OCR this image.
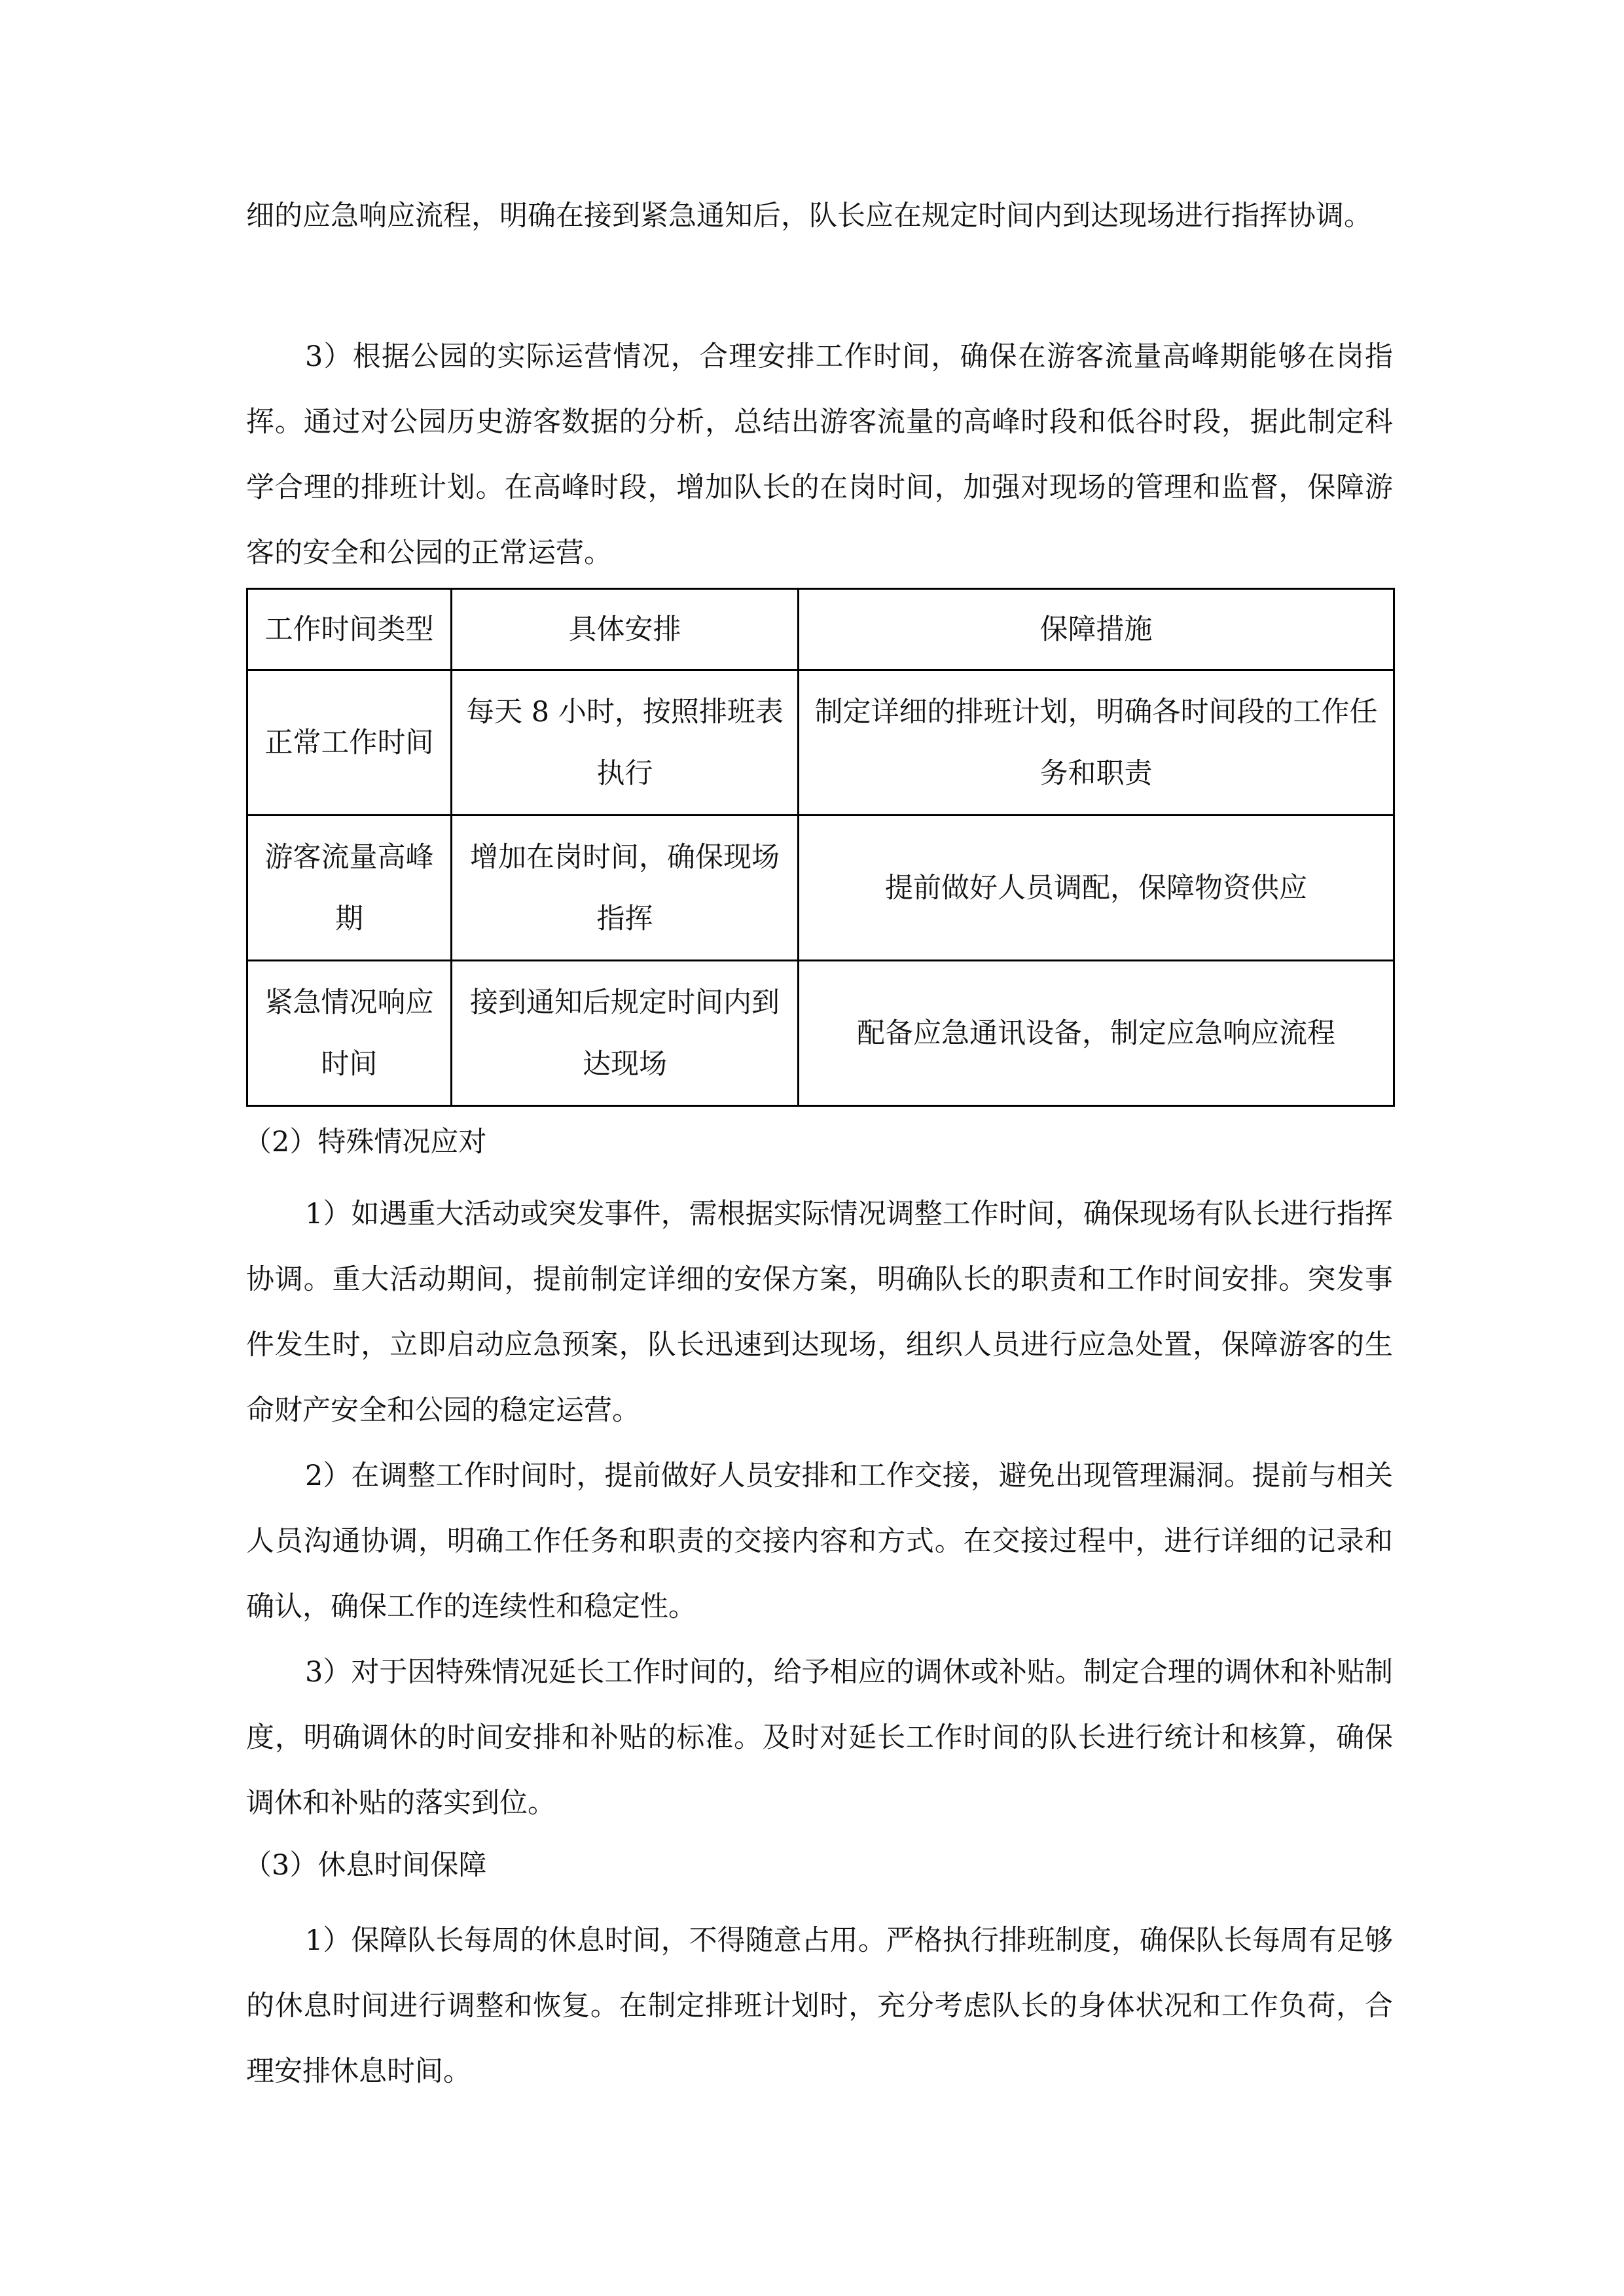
细的应急响应流程，明确在接到紧急通知后，队长应在规定时间内到达现场进行指挥协调。

3）根据公园的实际运营情况，合理安排工作时间，确保在游客流量高峰期能够在岗指挥。通过对公园历史游客数据的分析，总结出游客流量的高峰时段和低谷时段，据此制定科学合理的排班计划。在高峰时段，增加队长的在岗时间，加强对现场的管理和监督，保障游客的安全和公园的正常运营。

工作时间类型	具体安排	保障措施
正常工作时间	每天 8 小时，按照排班表执行	制定详细的排班计划，明确各时间段的工作任务和职责
游客流量高峰期	增加在岗时间，确保现场指挥	提前做好人员调配，保障物资供应
紧急情况响应时间	接到通知后规定时间内到达现场	配备应急通讯设备，制定应急响应流程

（2）特殊情况应对

1）如遇重大活动或突发事件，需根据实际情况调整工作时间，确保现场有队长进行指挥协调。重大活动期间，提前制定详细的安保方案，明确队长的职责和工作时间安排。突发事件发生时，立即启动应急预案，队长迅速到达现场，组织人员进行应急处置，保障游客的生命财产安全和公园的稳定运营。

2）在调整工作时间时，提前做好人员安排和工作交接，避免出现管理漏洞。提前与相关人员沟通协调，明确工作任务和职责的交接内容和方式。在交接过程中，进行详细的记录和确认，确保工作的连续性和稳定性。

3）对于因特殊情况延长工作时间的，给予相应的调休或补贴。制定合理的调休和补贴制度，明确调休的时间安排和补贴的标准。及时对延长工作时间的队长进行统计和核算，确保调休和补贴的落实到位。

（3）休息时间保障

1）保障队长每周的休息时间，不得随意占用。严格执行排班制度，确保队长每周有足够的休息时间进行调整和恢复。在制定排班计划时，充分考虑队长的身体状况和工作负荷，合理安排休息时间。
